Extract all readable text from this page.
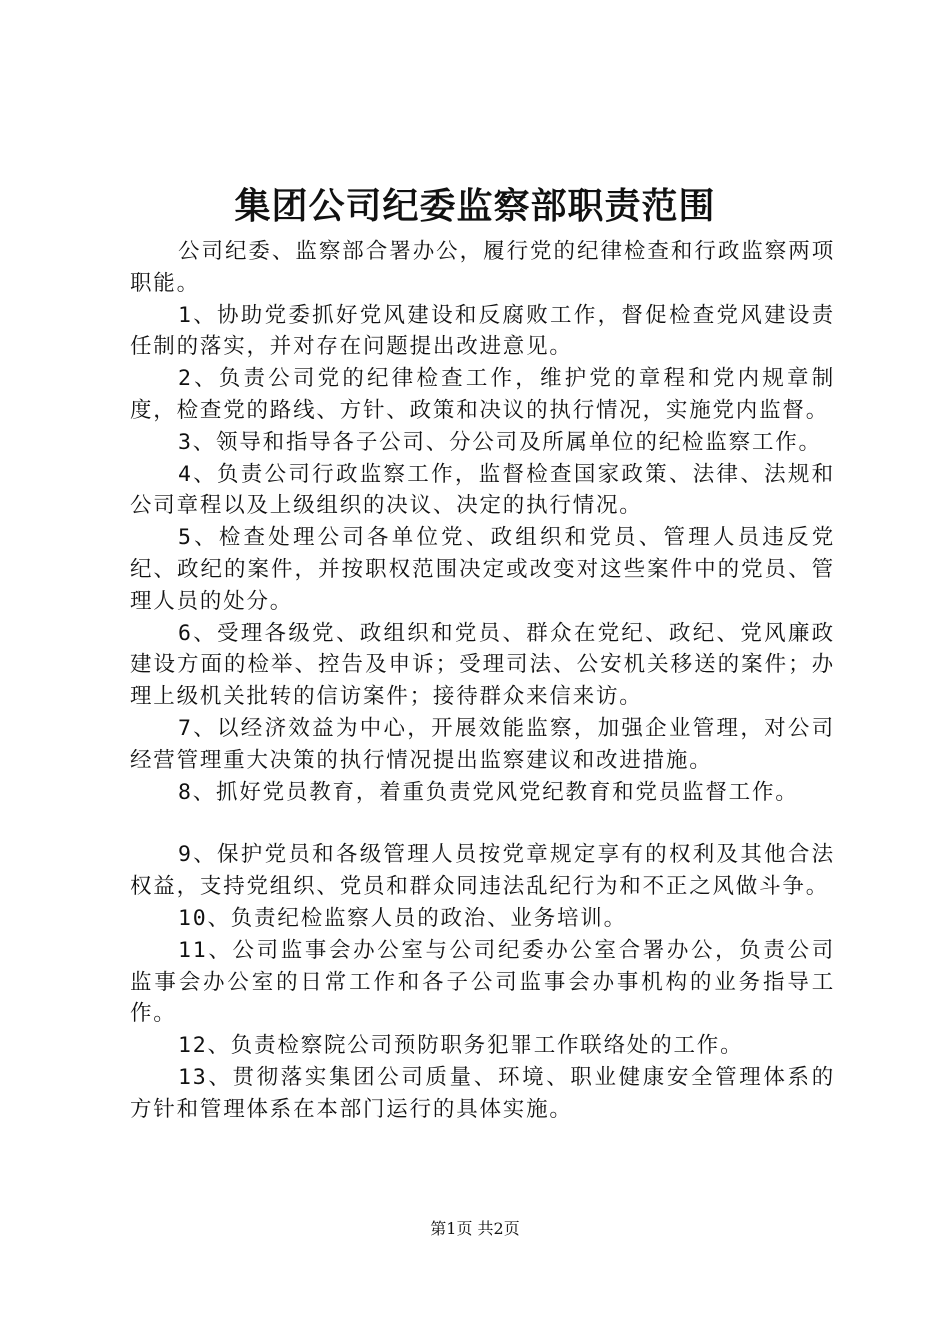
集团公司纪委监察部职责范围

公司纪委、监察部合署办公，履行党的纪律检查和行政监察两项职能。

1、协助党委抓好党风建设和反腐败工作，督促检查党风建设责任制的落实，并对存在问题提出改进意见。

2、负责公司党的纪律检查工作，维护党的章程和党内规章制度，检查党的路线、方针、政策和决议的执行情况，实施党内监督。

3、领导和指导各子公司、分公司及所属单位的纪检监察工作。

4、负责公司行政监察工作，监督检查国家政策、法律、法规和公司章程以及上级组织的决议、决定的执行情况。

5、检查处理公司各单位党、政组织和党员、管理人员违反党纪、政纪的案件，并按职权范围决定或改变对这些案件中的党员、管理人员的处分。

6、受理各级党、政组织和党员、群众在党纪、政纪、党风廉政建设方面的检举、控告及申诉；受理司法、公安机关移送的案件；办理上级机关批转的信访案件；接待群众来信来访。

7、以经济效益为中心，开展效能监察，加强企业管理，对公司经营管理重大决策的执行情况提出监察建议和改进措施。

8、抓好党员教育，着重负责党风党纪教育和党员监督工作。

9、保护党员和各级管理人员按党章规定享有的权利及其他合法权益，支持党组织、党员和群众同违法乱纪行为和不正之风做斗争。

10、负责纪检监察人员的政治、业务培训。

11、公司监事会办公室与公司纪委办公室合署办公，负责公司监事会办公室的日常工作和各子公司监事会办事机构的业务指导工作。

12、负责检察院公司预防职务犯罪工作联络处的工作。

13、贯彻落实集团公司质量、环境、职业健康安全管理体系的方针和管理体系在本部门运行的具体实施。

第1页 共2页
